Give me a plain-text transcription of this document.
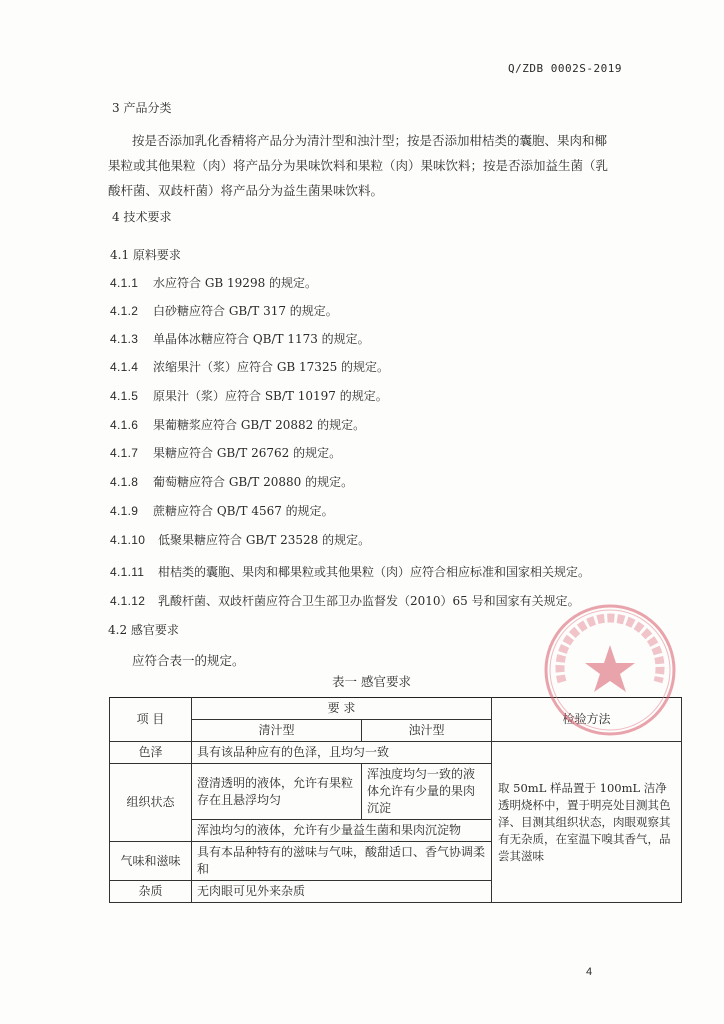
Q/ZDB 0002S-2019
3 产品分类
按是否添加乳化香精将产品分为清汁型和浊汁型；按是否添加柑桔类的囊胞、果肉和椰
果粒或其他果粒（肉）将产品分为果味饮料和果粒（肉）果味饮料；按是否添加益生菌（乳
酸杆菌、双歧杆菌）将产品分为益生菌果味饮料。
4 技术要求
4.1 原料要求
4.1.1 水应符合 GB 19298 的规定。
4.1.2 白砂糖应符合 GB/T 317 的规定。
4.1.3 单晶体冰糖应符合 QB/T 1173 的规定。
4.1.4 浓缩果汁（浆）应符合 GB 17325 的规定。
4.1.5 原果汁（浆）应符合 SB/T 10197 的规定。
4.1.6 果葡糖浆应符合 GB/T 20882 的规定。
4.1.7 果糖应符合 GB/T 26762 的规定。
4.1.8 葡萄糖应符合 GB/T 20880 的规定。
4.1.9 蔗糖应符合 QB/T 4567 的规定。
4.1.10 低聚果糖应符合 GB/T 23528 的规定。
4.1.11 柑桔类的囊胞、果肉和椰果粒或其他果粒（肉）应符合相应标准和国家相关规定。
4.1.12 乳酸杆菌、双歧杆菌应符合卫生部卫办监督发（2010）65 号和国家有关规定。
4.2 感官要求
应符合表一的规定。
表一 感官要求
项 目	要 求		检验方法
	清汁型	浊汁型	
色泽	具有该品种应有的色泽，且均匀一致		取 50mL 样品置于 100mL 洁净透明烧杯中，置于明亮处目测其色泽、目测其组织状态，肉眼观察其有无杂质，在室温下嗅其香气，品尝其滋味
组织状态	澄清透明的液体，允许有果粒存在且悬浮均匀	浑浊度均匀一致的液体允许有少量的果肉沉淀	
	浑浊均匀的液体，允许有少量益生菌和果肉沉淀物		
气味和滋味	具有本品种特有的滋味与气味，酸甜适口、香气协调柔和		
杂质	无肉眼可见外来杂质		
4
